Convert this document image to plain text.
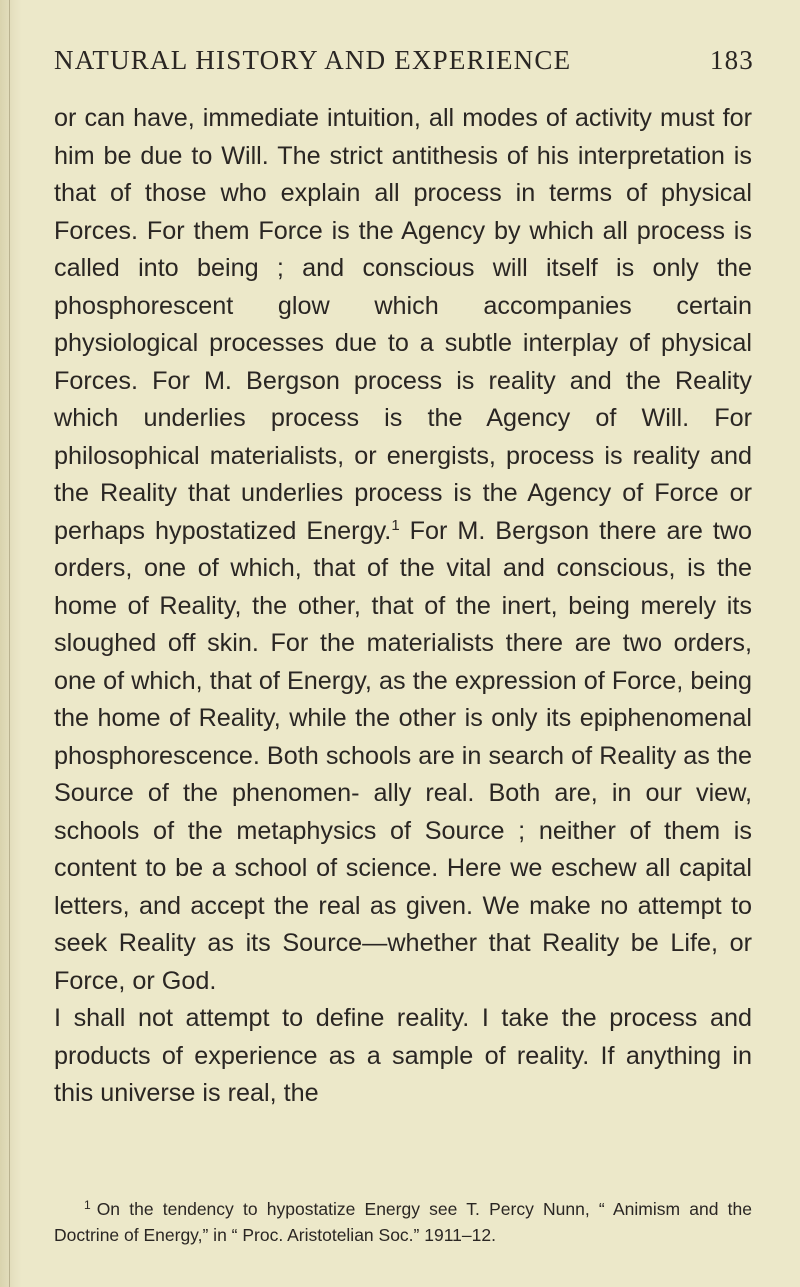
NATURAL HISTORY AND EXPERIENCE	183

or can have, immediate intuition, all modes of activity must for him be due to Will. The strict antithesis of his interpretation is that of those who explain all process in terms of physical Forces. For them Force is the Agency by which all process is called into being ; and conscious will itself is only the phosphorescent glow which accompanies certain physiological processes due to a subtle interplay of physical Forces. For M. Bergson process is reality and the Reality which underlies process is the Agency of Will. For philosophical materialists, or energists, process is reality and the Reality that underlies process is the Agency of Force or perhaps hypostatized Energy.$^1$ For M. Bergson there are two orders, one of which, that of the vital and conscious, is the home of Reality, the other, that of the inert, being merely its sloughed off skin. For the materialists there are two orders, one of which, that of Energy, as the expression of Force, being the home of Reality, while the other is only its epiphenomenal phosphorescence. Both schools are in search of Reality as the Source of the phenomen- ally real. Both are, in our view, schools of the metaphysics of Source ; neither of them is content to be a school of science. Here we eschew all capital letters, and accept the real as given. We make no attempt to seek Reality as its Source—whether that Reality be Life, or Force, or God.

I shall not attempt to define reality. I take the process and products of experience as a sample of reality. If anything in this universe is real, the

$^1$ On the tendency to hypostatize Energy see T. Percy Nunn, “ Animism and the Doctrine of Energy,” in “ Proc. Aristotelian Soc.” 1911–12.
